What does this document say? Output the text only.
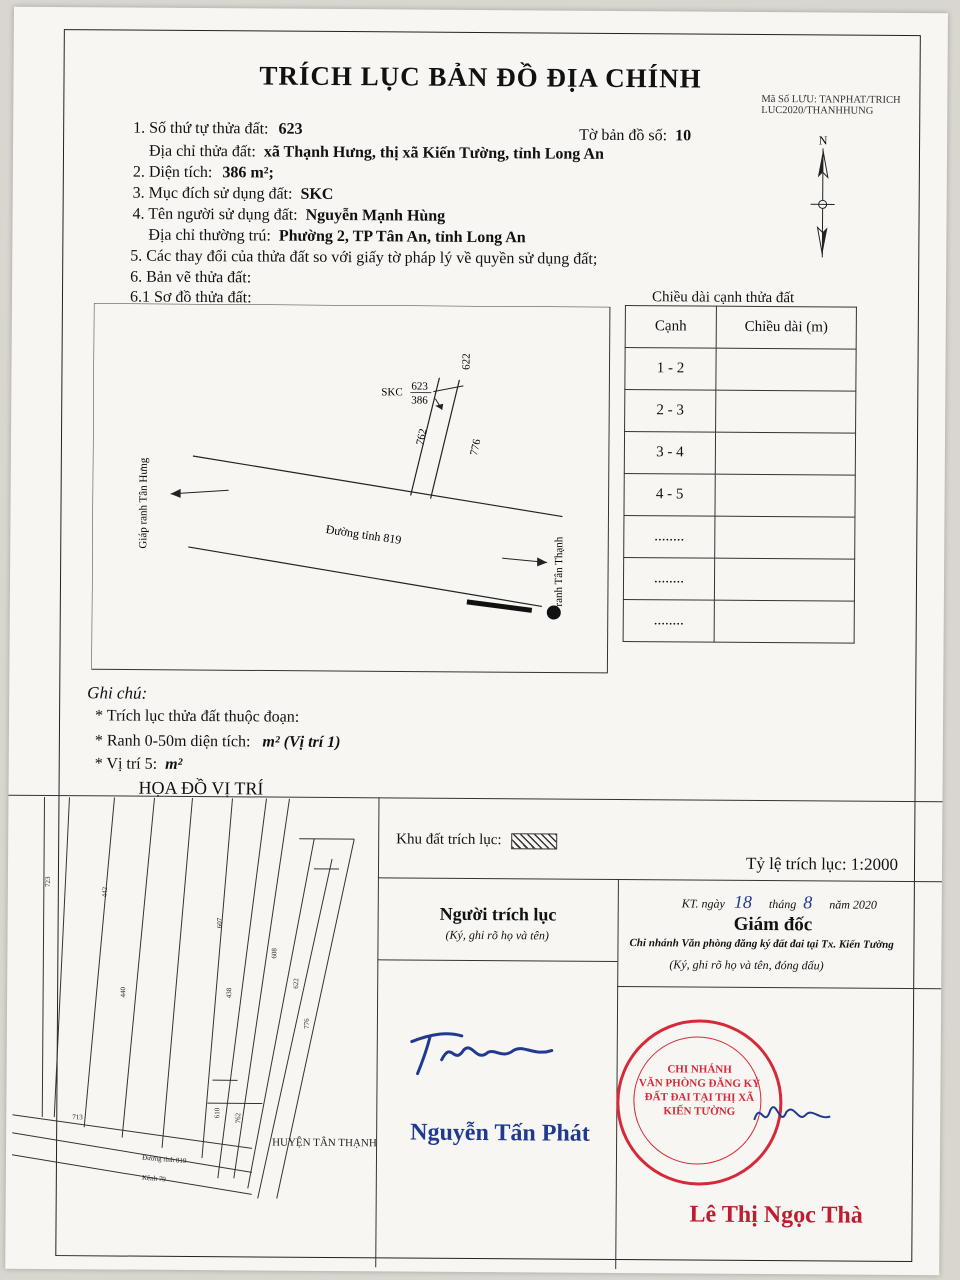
TRÍCH LỤC BẢN ĐỒ ĐỊA CHÍNH
Mã Số LƯU: TANPHAT/TRICH LUC2020/THANHHUNG
1. Số thứ tự thửa đất: 623	Tờ bản đồ số: 10
Địa chỉ thửa đất: xã Thạnh Hưng, thị xã Kiến Tường, tỉnh Long An
2. Diện tích: 386 m²;
3. Mục đích sử dụng đất: SKC
4. Tên người sử dụng đất: Nguyễn Mạnh Hùng
Địa chỉ thường trú: Phường 2, TP Tân An, tỉnh Long An
5. Các thay đổi của thửa đất so với giấy tờ pháp lý về quyền sử dụng đất;
6. Bản vẽ thửa đất:
6.1 Sơ đồ thửa đất:
N
Chiều dài cạnh thửa đất
Cạnh	Chiều dài (m)
1 - 2	
2 - 3	
3 - 4	
4 - 5	
........	
........	
........	
SKC 623
386
622
762
776
Giáp ranh Tân Hưng
ranh Tân Thạnh
Đường tỉnh 819
Ghi chú:
* Trích lục thửa đất thuộc đoạn:
* Ranh 0-50m diện tích: m² (Vị trí 1)
* Vị trí 5: m²
HỌA ĐỒ VỊ TRÍ
723
442
440
607
438
608
622
776
610 762
713
Đường tỉnh 819
Kênh 79
HUYỆN TÂN THẠNH
Khu đất trích lục:
Tỷ lệ trích lục: 1:2000
Người trích lục
(Ký, ghi rõ họ và tên)
Nguyễn Tấn Phát
KT. ngày 18 tháng 8 năm 2020
Giám đốc
Chi nhánh Văn phòng đăng ký đất đai tại Tx. Kiến Tường
(Ký, ghi rõ họ và tên, đóng dấu)
CHI NHÁNH
VĂN PHÒNG ĐĂNG KÝ
ĐẤT ĐAI TẠI THỊ XÃ
KIẾN TƯỜNG
Lê Thị Ngọc Thà
